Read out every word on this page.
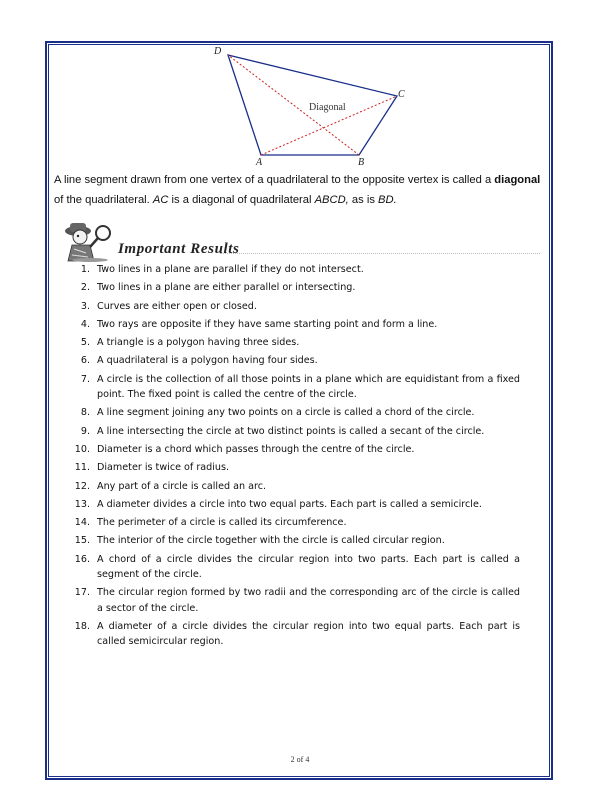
D
C
A	B
Diagonal
A line segment drawn from one vertex of a quadrilateral to the opposite vertex is called a diagonal of the quadrilateral. AC is a diagonal of quadrilateral ABCD, as is BD.
Important Results
1. Two lines in a plane are parallel if they do not intersect.
2. Two lines in a plane are either parallel or intersecting.
3. Curves are either open or closed.
4. Two rays are opposite if they have same starting point and form a line.
5. A triangle is a polygon having three sides.
6. A quadrilateral is a polygon having four sides.
7. A circle is the collection of all those points in a plane which are equidistant from a fixed point. The fixed point is called the centre of the circle.
8. A line segment joining any two points on a circle is called a chord of the circle.
9. A line intersecting the circle at two distinct points is called a secant of the circle.
10. Diameter is a chord which passes through the centre of the circle.
11. Diameter is twice of radius.
12. Any part of a circle is called an arc.
13. A diameter divides a circle into two equal parts. Each part is called a semicircle.
14. The perimeter of a circle is called its circumference.
15. The interior of the circle together with the circle is called circular region.
16. A chord of a circle divides the circular region into two parts. Each part is called a segment of the circle.
17. The circular region formed by two radii and the corresponding arc of the circle is called a sector of the circle.
18. A diameter of a circle divides the circular region into two equal parts. Each part is called semicircular region.
2 of 4
